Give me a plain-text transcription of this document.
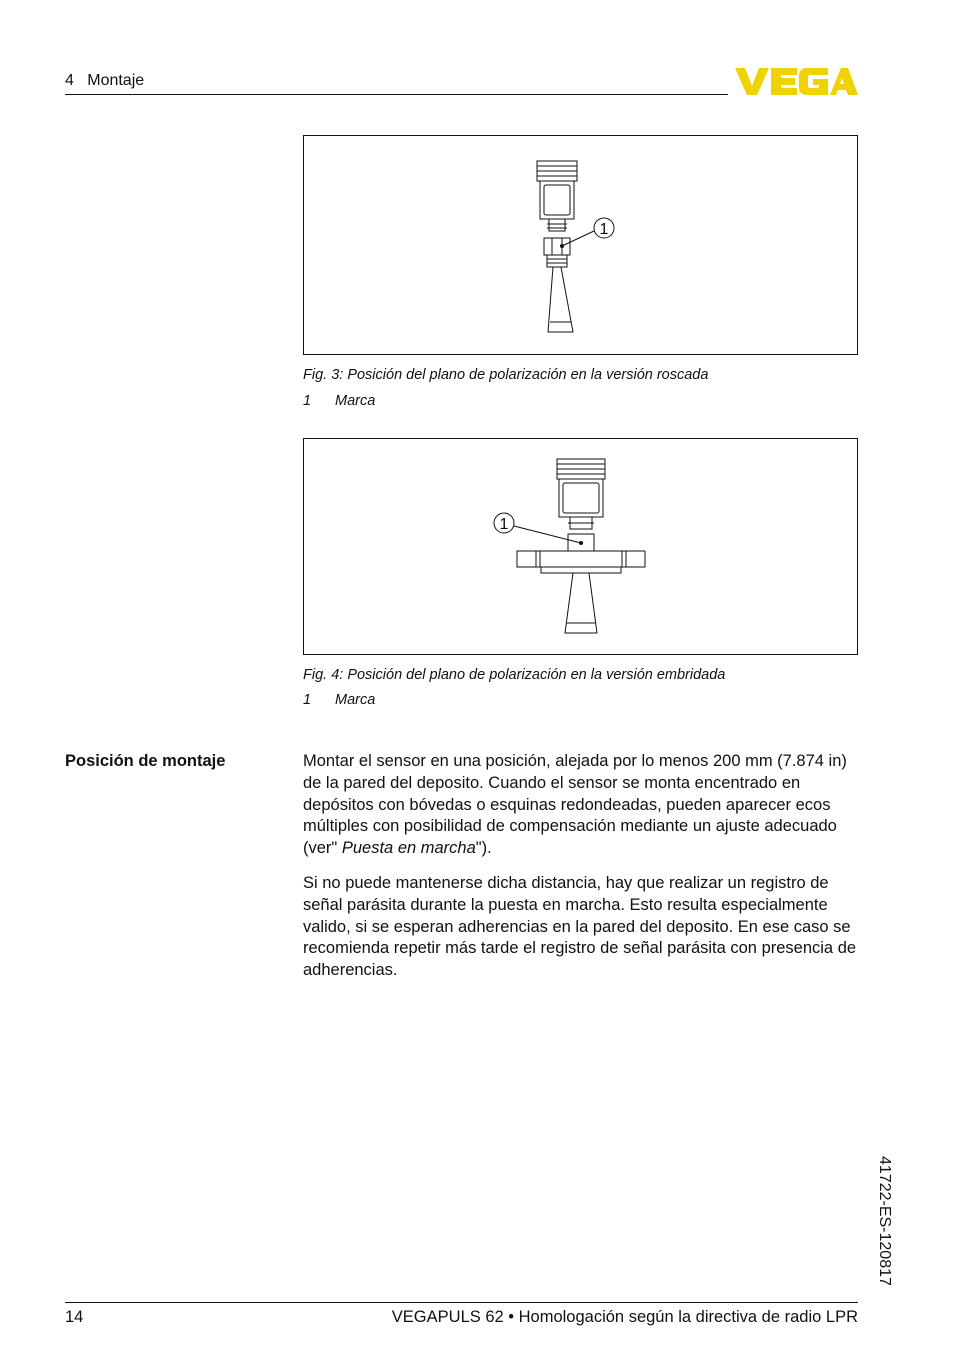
4   Montaje
1
Fig. 3: Posición del plano de polarización en la versión roscada
1 Marca
1
Fig. 4: Posición del plano de polarización en la versión embridada
1 Marca
Posición de montaje	Montar el sensor en una posición, alejada por lo menos 200 mm (7.874 in) de la pared del deposito. Cuando el sensor se monta encentrado en depósitos con bóvedas o esquinas redondeadas, pueden aparecer ecos múltiples con posibilidad de compensación mediante un ajuste adecuado (ver" Puesta en marcha").

Si no puede mantenerse dicha distancia, hay que realizar un registro de señal parásita durante la puesta en marcha. Esto resulta especialmente valido, si se esperan adherencias en la pared del deposito. En ese caso se recomienda repetir más tarde el registro de señal parásita con presencia de adherencias.

41722-ES-120817
14	VEGAPULS 62 • Homologación según la directiva de radio LPR
